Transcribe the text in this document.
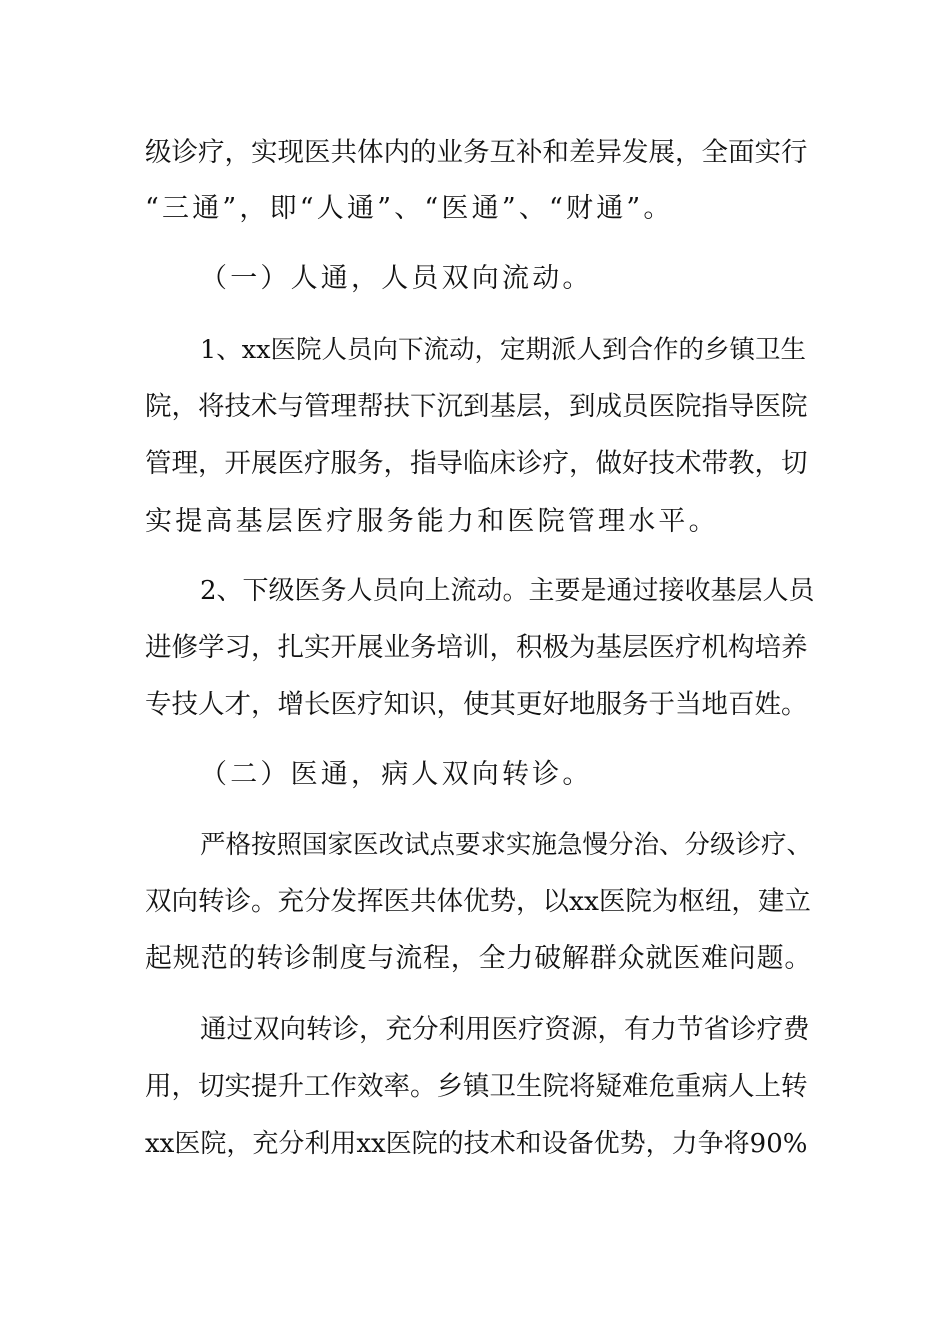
级诊疗，实现医共体内的业务互补和差异发展，全面实行
“三通”，即“人通”、“医通”、“财通”。
（一）人通，人员双向流动。
1、xx医院人员向下流动，定期派人到合作的乡镇卫生
院，将技术与管理帮扶下沉到基层，到成员医院指导医院
管理，开展医疗服务，指导临床诊疗，做好技术带教，切
实提高基层医疗服务能力和医院管理水平。
2、下级医务人员向上流动。主要是通过接收基层人员
进修学习，扎实开展业务培训，积极为基层医疗机构培养
专技人才，增长医疗知识，使其更好地服务于当地百姓。
（二）医通，病人双向转诊。
严格按照国家医改试点要求实施急慢分治、分级诊疗、
双向转诊。充分发挥医共体优势，以xx医院为枢纽，建立
起规范的转诊制度与流程，全力破解群众就医难问题。
通过双向转诊，充分利用医疗资源，有力节省诊疗费
用，切实提升工作效率。乡镇卫生院将疑难危重病人上转
xx医院，充分利用xx医院的技术和设备优势，力争将90%
